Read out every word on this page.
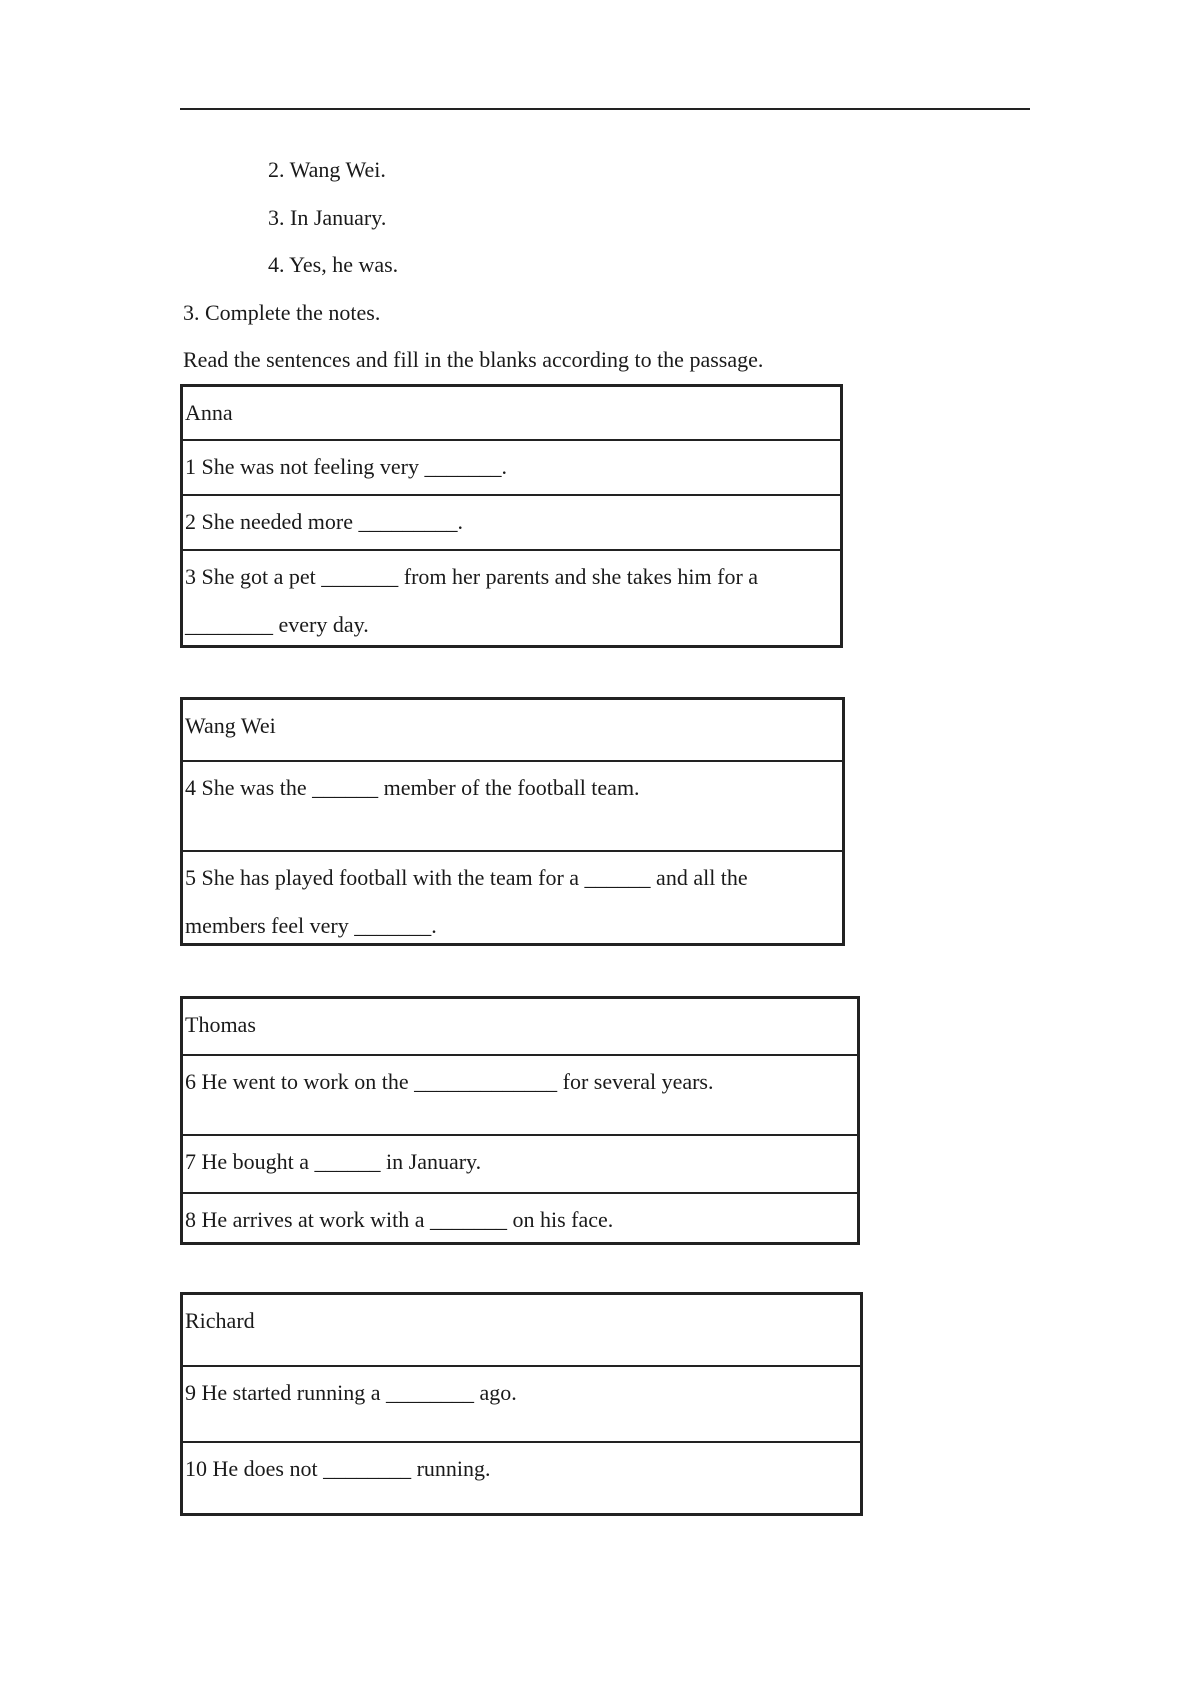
2. Wang Wei.
3. In January.
4. Yes, he was.
3. Complete the notes.
Read the sentences and fill in the blanks according to the passage.
Anna
1 She was not feeling very _______.
2 She needed more _________.
3 She got a pet _______ from her parents and she takes him for a
________ every day.
Wang Wei
4 She was the ______ member of the football team.
5 She has played football with the team for a ______ and all the
members feel very _______.
Thomas
6 He went to work on the _____________ for several years.
7 He bought a ______ in January.
8 He arrives at work with a _______ on his face.
Richard
9 He started running a ________ ago.
10 He does not ________ running.
